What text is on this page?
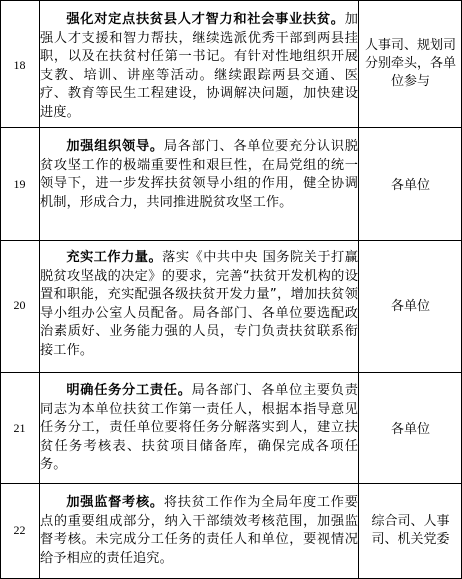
18
强化对定点扶贫县人才智力和社会事业扶贫。加强人才支援和智力帮扶，继续选派优秀干部到两县挂职，以及在扶贫村任第一书记。有针对性地组织开展支教、培训、讲座等活动。继续跟踪两县交通、医疗、教育等民生工程建设，协调解决问题，加快建设进度。
人事司、规划司分别牵头，各单位参与
19
加强组织领导。局各部门、各单位要充分认识脱贫攻坚工作的极端重要性和艰巨性，在局党组的统一领导下，进一步发挥扶贫领导小组的作用，健全协调机制，形成合力，共同推进脱贫攻坚工作。
各单位
20
充实工作力量。落实《中共中央 国务院关于打赢脱贫攻坚战的决定》的要求，完善“扶贫开发机构的设置和职能，充实配强各级扶贫开发力量”，增加扶贫领导小组办公室人员配备。局各部门、各单位要选配政治素质好、业务能力强的人员，专门负责扶贫联系衔接工作。
各单位
21
明确任务分工责任。局各部门、各单位主要负责同志为本单位扶贫工作第一责任人，根据本指导意见任务分工，责任单位要将任务分解落实到人，建立扶贫任务考核表、扶贫项目储备库，确保完成各项任务。
各单位
22
加强监督考核。将扶贫工作作为全局年度工作要点的重要组成部分，纳入干部绩效考核范围，加强监督考核。未完成分工任务的责任人和单位，要视情况给予相应的责任追究。
综合司、人事司、机关党委
